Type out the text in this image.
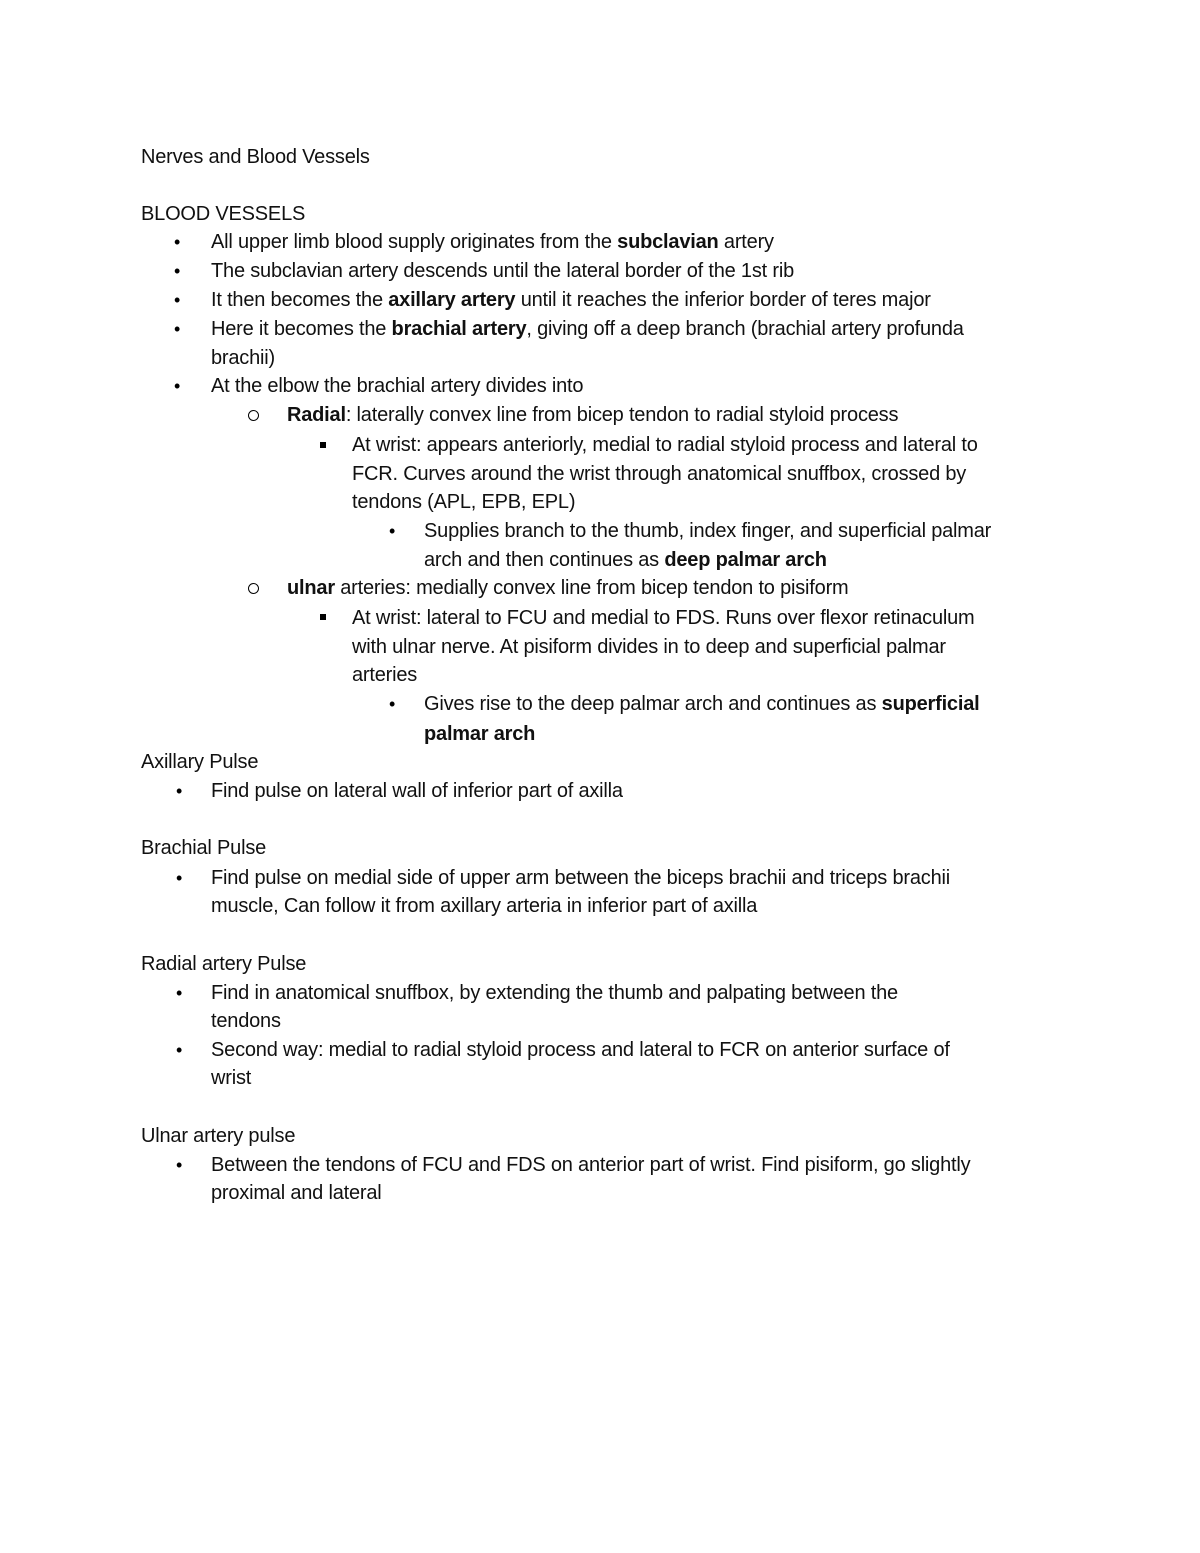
Nerves and Blood Vessels
BLOOD VESSELS
• All upper limb blood supply originates from the subclavian artery
• The subclavian artery descends until the lateral border of the 1st rib
• It then becomes the axillary artery until it reaches the inferior border of teres major
• Here it becomes the brachial artery, giving off a deep branch (brachial artery profunda
brachii)
• At the elbow the brachial artery divides into
Radial: laterally convex line from bicep tendon to radial styloid process
At wrist: appears anteriorly, medial to radial styloid process and lateral to
FCR. Curves around the wrist through anatomical snuffbox, crossed by
tendons (APL, EPB, EPL)
• Supplies branch to the thumb, index finger, and superficial palmar
arch and then continues as deep palmar arch
ulnar arteries: medially convex line from bicep tendon to pisiform
At wrist: lateral to FCU and medial to FDS. Runs over flexor retinaculum
with ulnar nerve. At pisiform divides in to deep and superficial palmar
arteries
• Gives rise to the deep palmar arch and continues as superficial
palmar arch
Axillary Pulse
• Find pulse on lateral wall of inferior part of axilla
Brachial Pulse
• Find pulse on medial side of upper arm between the biceps brachii and triceps brachii
muscle, Can follow it from axillary arteria in inferior part of axilla
Radial artery Pulse
• Find in anatomical snuffbox, by extending the thumb and palpating between the
tendons
• Second way: medial to radial styloid process and lateral to FCR on anterior surface of
wrist
Ulnar artery pulse
• Between the tendons of FCU and FDS on anterior part of wrist. Find pisiform, go slightly
proximal and lateral
